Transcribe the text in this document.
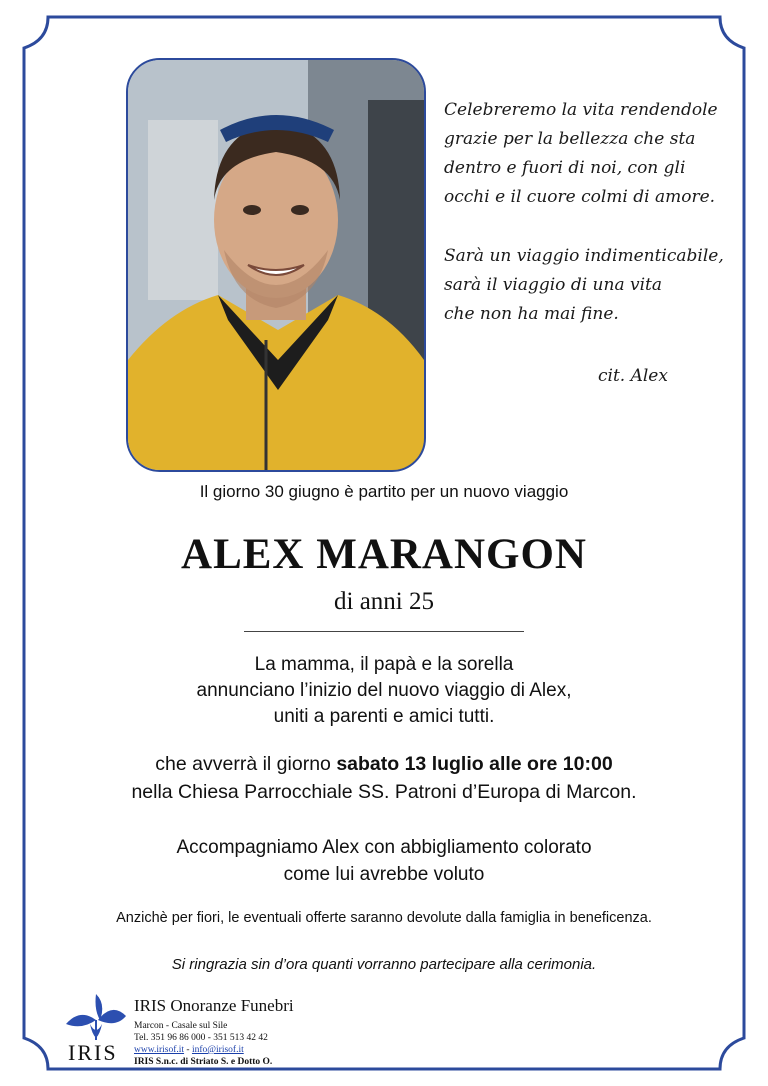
Celebreremo la vita rendendole
grazie per la bellezza che sta
dentro e fuori di noi, con gli
occhi e il cuore colmi di amore.

Sarà un viaggio indimenticabile,
sarà il viaggio di una vita
che non ha mai fine.

cit. Alex
Il giorno 30 giugno è partito per un nuovo viaggio
ALEX MARANGON
di anni 25
La mamma, il papà e la sorella
annunciano l’inizio del nuovo viaggio di Alex,
uniti a parenti e amici tutti.
che avverrà il giorno sabato 13 luglio alle ore 10:00
nella Chiesa Parrocchiale SS. Patroni d’Europa di Marcon.
Accompagniamo Alex con abbigliamento colorato
come lui avrebbe voluto
Anzichè per fiori, le eventuali offerte saranno devolute dalla famiglia in beneficenza.
Si ringrazia sin d’ora quanti vorranno partecipare alla cerimonia.
IRIS
IRIS Onoranze Funebri
Marcon - Casale sul Sile
Tel. 351 96 86 000 - 351 513 42 42
www.irisof.it - info@irisof.it
IRIS S.n.c. di Striato S. e Dotto O.
